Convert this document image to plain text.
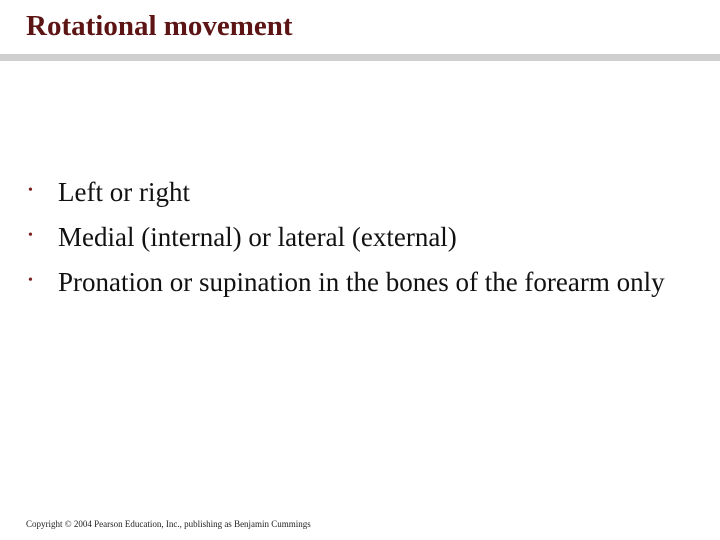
Rotational movement
• Left or right
• Medial (internal) or lateral (external)
• Pronation or supination in the bones of the forearm only
Copyright © 2004 Pearson Education, Inc., publishing as Benjamin Cummings
